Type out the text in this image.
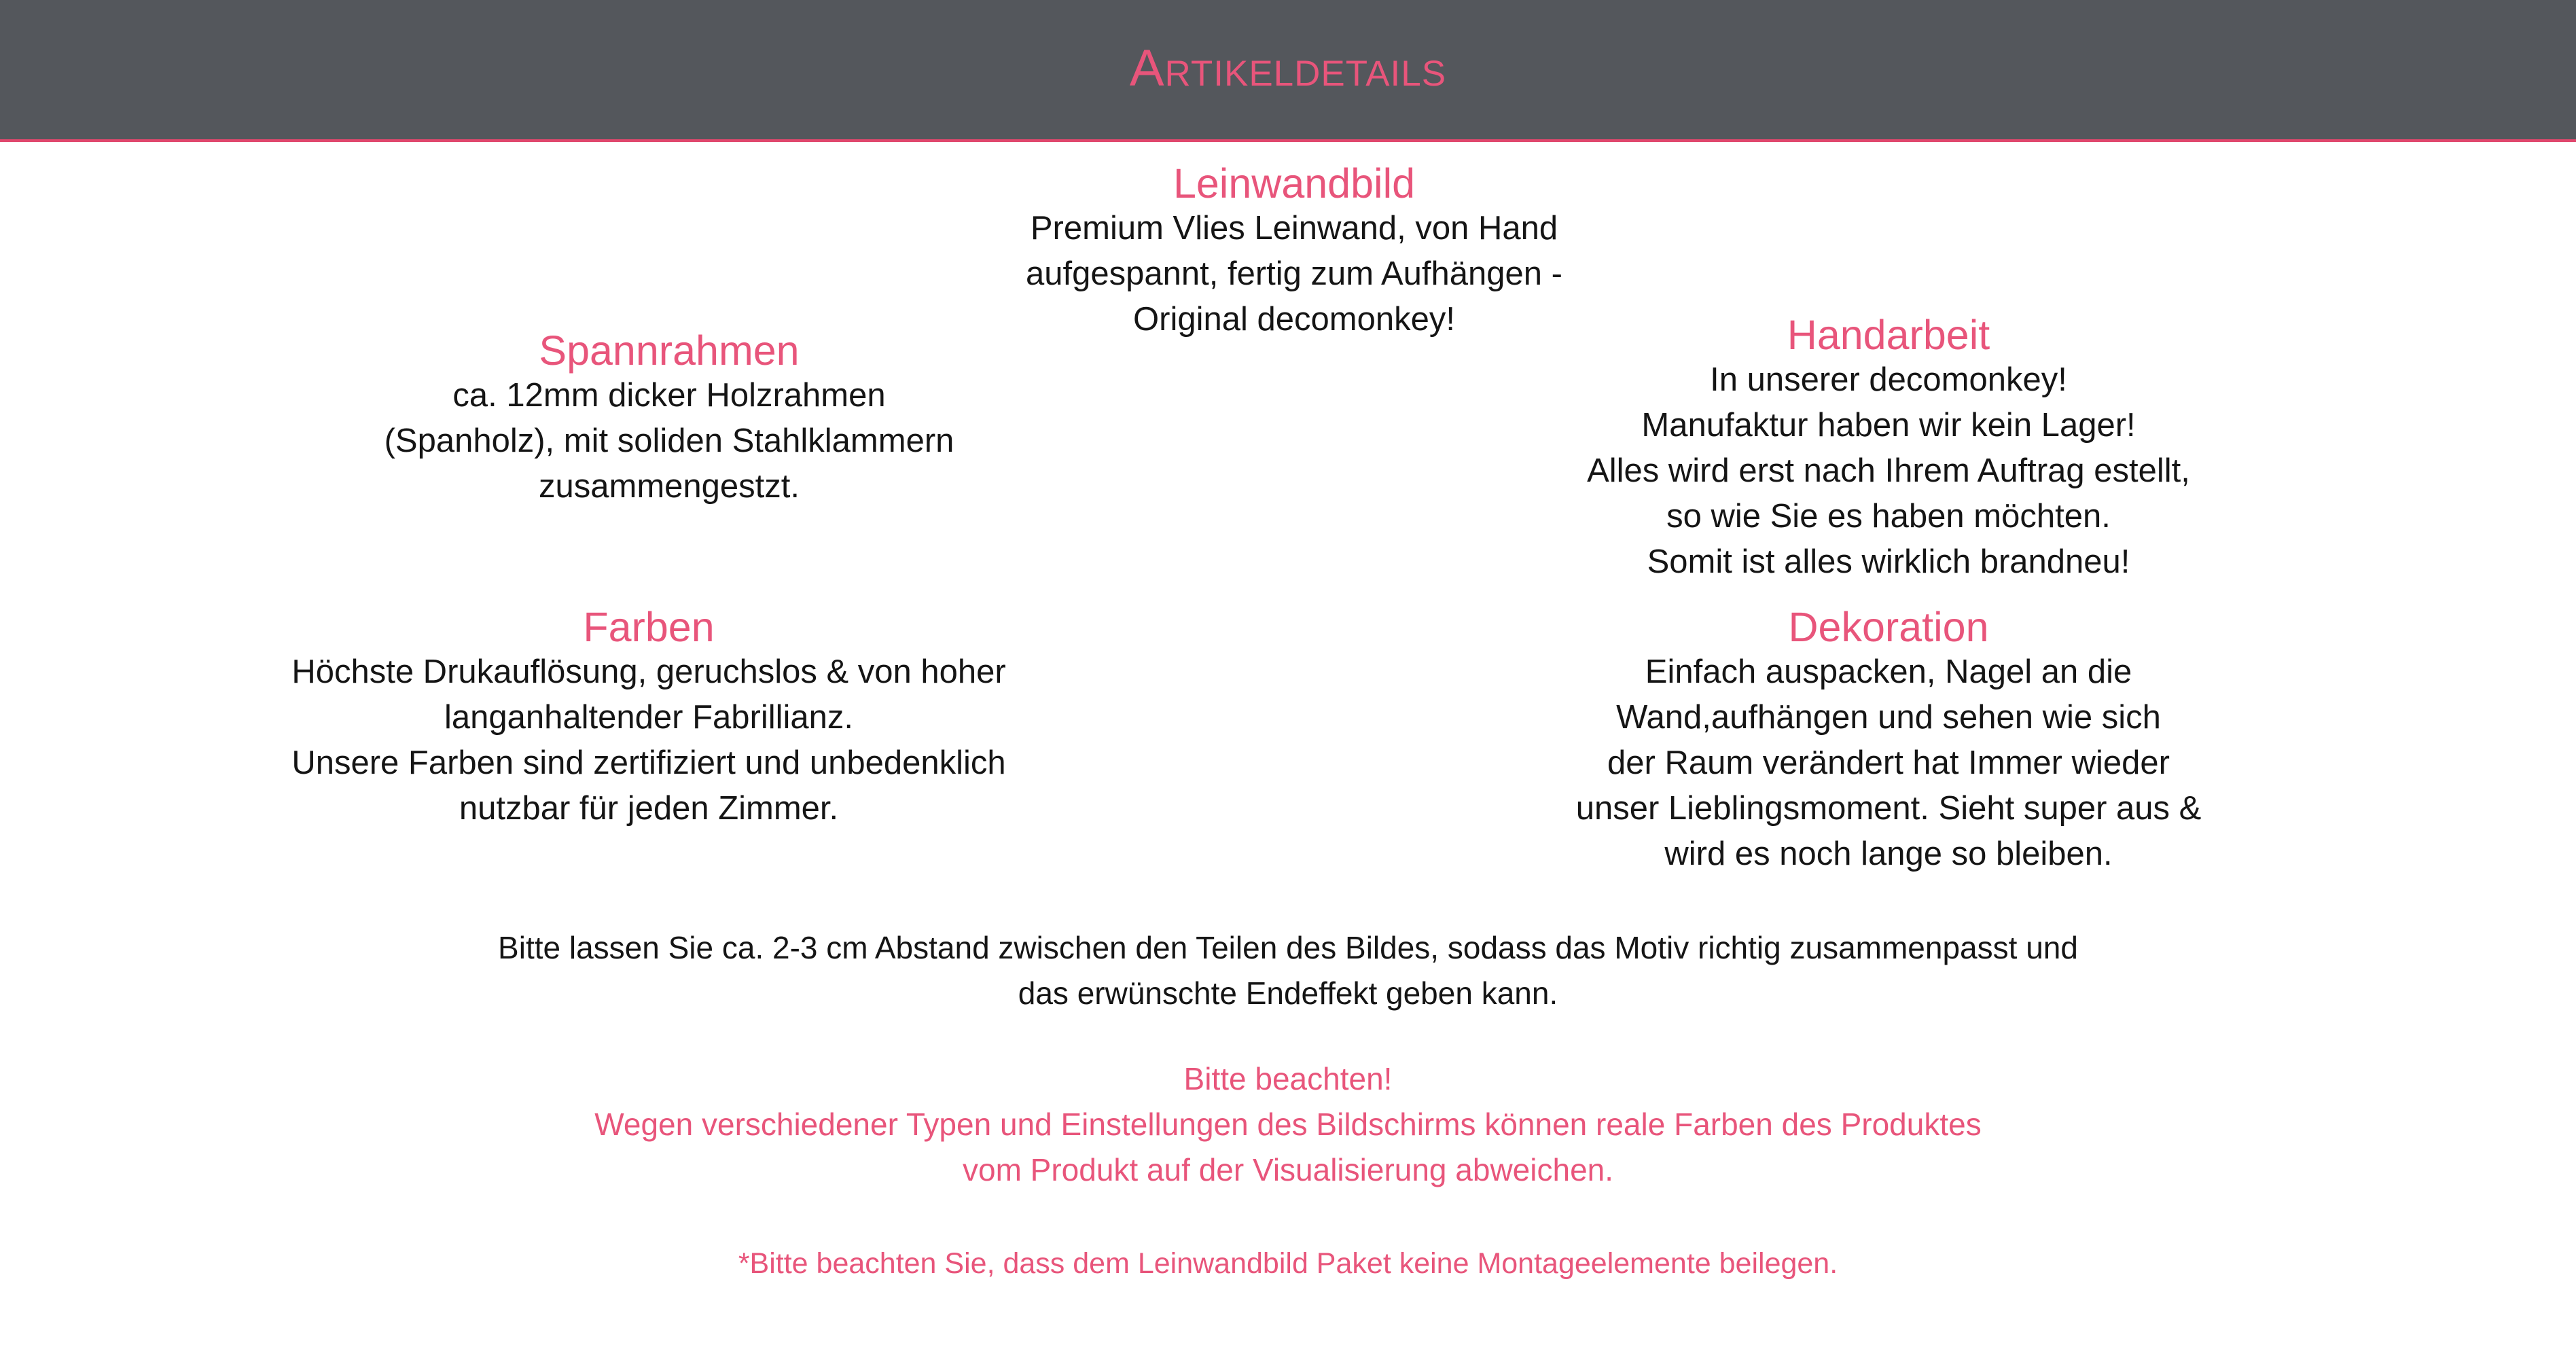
Artikeldetails
Leinwandbild

Premium Vlies Leinwand, von Hand
aufgespannt, fertig zum Aufhängen -
Original decomonkey!

Spannrahmen

ca. 12mm dicker Holzrahmen
(Spanholz), mit soliden Stahlklammern
zusammengestzt.

Handarbeit

In unserer decomonkey!
Manufaktur haben wir kein Lager!
Alles wird erst nach Ihrem Auftrag estellt,
so wie Sie es haben möchten.
Somit ist alles wirklich brandneu!

Farben

Höchste Drukauflösung, geruchslos & von hoher
langanhaltender Fabrillianz.
Unsere Farben sind zertifiziert und unbedenklich
nutzbar für jeden Zimmer.

Dekoration

Einfach auspacken, Nagel an die
Wand,aufhängen und sehen wie sich
der Raum verändert hat Immer wieder
unser Lieblingsmoment. Sieht super aus &
wird es noch lange so bleiben.

Bitte lassen Sie ca. 2-3 cm Abstand zwischen den Teilen des Bildes, sodass das Motiv richtig zusammenpasst und
das erwünschte Endeffekt geben kann.
Bitte beachten!
Wegen verschiedener Typen und Einstellungen des Bildschirms können reale Farben des Produktes
vom Produkt auf der Visualisierung abweichen.
*Bitte beachten Sie, dass dem Leinwandbild Paket keine Montageelemente beilegen.
